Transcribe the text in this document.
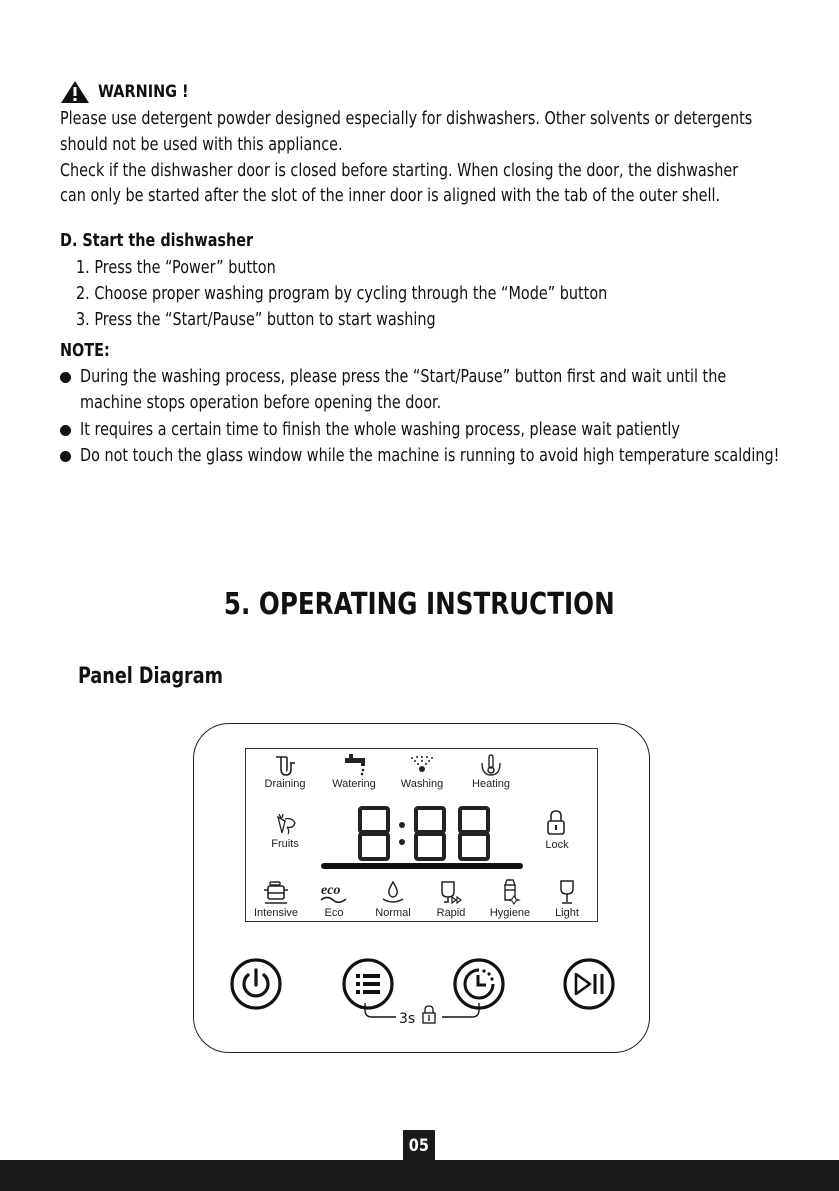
WARNING !
Please use detergent powder designed especially for dishwashers. Other solvents or detergents
should not be used with this appliance.
Check if the dishwasher door is closed before starting. When closing the door, the dishwasher
can only be started after the slot of the inner door is aligned with the tab of the outer shell.
D. Start the dishwasher
1. Press the “Power” button
2. Choose proper washing program by cycling through the “Mode” button
3. Press the “Start/Pause” button to start washing
NOTE:
During the washing process, please press the “Start/Pause” button first and wait until the
machine stops operation before opening the door.
It requires a certain time to finish the whole washing process, please wait patiently
Do not touch the glass window while the machine is running to avoid high temperature scalding!
5. OPERATING INSTRUCTION
Panel Diagram
Draining	Watering	Washing	Heating
Fruits	Lock
Intensive
eco
Eco	Normal	Rapid	Hygiene	Light
3s
05
